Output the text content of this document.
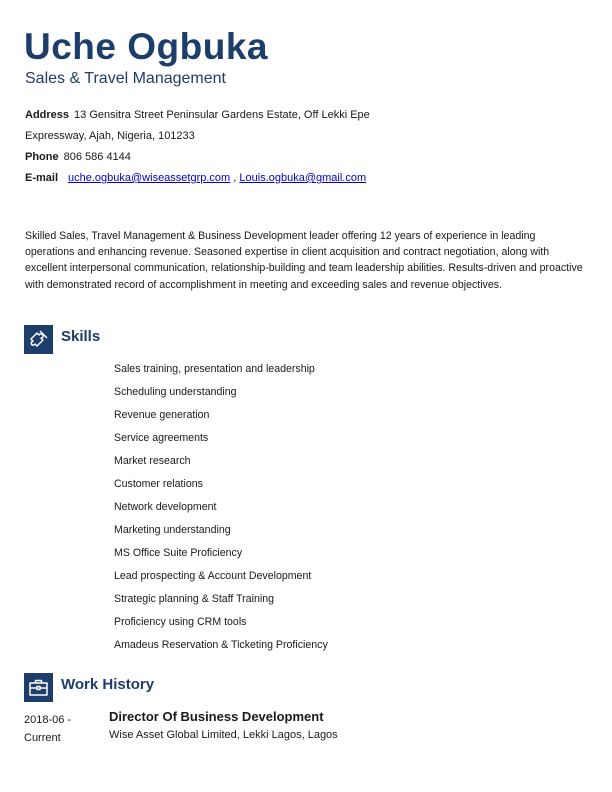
Uche Ogbuka
Sales & Travel Management
Address 13 Gensitra Street Peninsular Gardens Estate, Off Lekki Epe
Expressway, Ajah, Nigeria, 101233
Phone 806 586 4144
E-mail uche.ogbuka@wiseassetgrp.com , Louis.ogbuka@gmail.com
Skilled Sales, Travel Management & Business Development leader offering 12 years of experience in leading operations and enhancing revenue. Seasoned expertise in client acquisition and contract negotiation, along with excellent interpersonal communication, relationship-building and team leadership abilities. Results-driven and proactive with demonstrated record of accomplishment in meeting and exceeding sales and revenue objectives.
Skills
Sales training, presentation and leadership
Scheduling understanding
Revenue generation
Service agreements
Market research
Customer relations
Network development
Marketing understanding
MS Office Suite Proficiency
Lead prospecting & Account Development
Strategic planning & Staff Training
Proficiency using CRM tools
Amadeus Reservation & Ticketing Proficiency
Work History
2018-06 -
Current
Director Of Business Development
Wise Asset Global Limited, Lekki Lagos, Lagos
